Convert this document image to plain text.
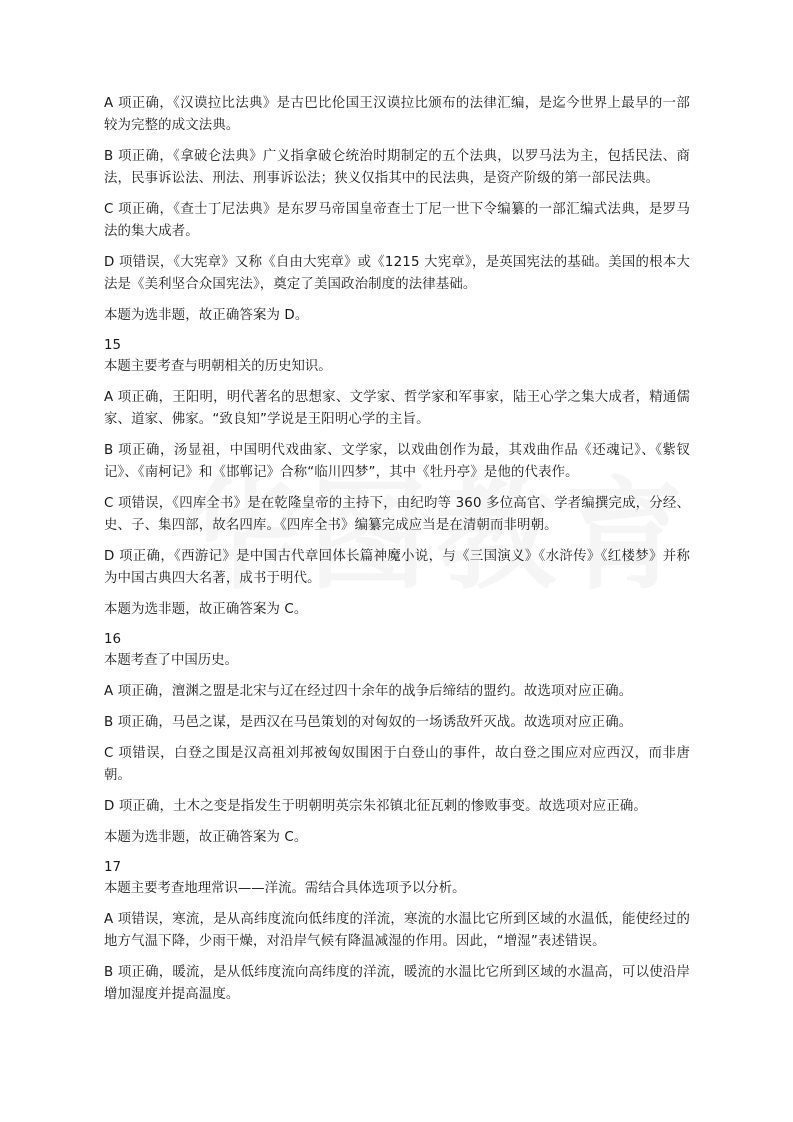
A 项正确，《汉谟拉比法典》是古巴比伦国王汉谟拉比颁布的法律汇编，是迄今世界上最早的一部较为完整的成文法典。

B 项正确，《拿破仑法典》广义指拿破仑统治时期制定的五个法典，以罗马法为主，包括民法、商法，民事诉讼法、刑法、刑事诉讼法；狭义仅指其中的民法典，是资产阶级的第一部民法典。

C 项正确，《查士丁尼法典》是东罗马帝国皇帝查士丁尼一世下令编纂的一部汇编式法典，是罗马法的集大成者。

D 项错误，《大宪章》又称《自由大宪章》或《1215 大宪章》，是英国宪法的基础。美国的根本大法是《美利坚合众国宪法》，奠定了美国政治制度的法律基础。

本题为选非题，故正确答案为 D。

15

本题主要考查与明朝相关的历史知识。

A 项正确，王阳明，明代著名的思想家、文学家、哲学家和军事家，陆王心学之集大成者，精通儒家、道家、佛家。“致良知”学说是王阳明心学的主旨。

B 项正确，汤显祖，中国明代戏曲家、文学家，以戏曲创作为最，其戏曲作品《还魂记》、《紫钗记》、《南柯记》和《邯郸记》合称“临川四梦”，其中《牡丹亭》是他的代表作。

C 项错误，《四库全书》是在乾隆皇帝的主持下，由纪昀等 360 多位高官、学者编撰完成，分经、史、子、集四部，故名四库。《四库全书》编纂完成应当是在清朝而非明朝。

D 项正确，《西游记》是中国古代章回体长篇神魔小说，与《三国演义》《水浒传》《红楼梦》并称为中国古典四大名著，成书于明代。

本题为选非题，故正确答案为 C。

16

本题考查了中国历史。

A 项正确，澶渊之盟是北宋与辽在经过四十余年的战争后缔结的盟约。故选项对应正确。

B 项正确，马邑之谋，是西汉在马邑策划的对匈奴的一场诱敌歼灭战。故选项对应正确。

C 项错误，白登之围是汉高祖刘邦被匈奴围困于白登山的事件，故白登之围应对应西汉，而非唐朝。

D 项正确，土木之变是指发生于明朝明英宗朱祁镇北征瓦剌的惨败事变。故选项对应正确。

本题为选非题，故正确答案为 C。

17

本题主要考查地理常识——洋流。需结合具体选项予以分析。

A 项错误，寒流，是从高纬度流向低纬度的洋流，寒流的水温比它所到区域的水温低，能使经过的地方气温下降，少雨干燥，对沿岸气候有降温减湿的作用。因此，“增湿”表述错误。

B 项正确，暖流，是从低纬度流向高纬度的洋流，暖流的水温比它所到区域的水温高，可以使沿岸增加湿度并提高温度。
